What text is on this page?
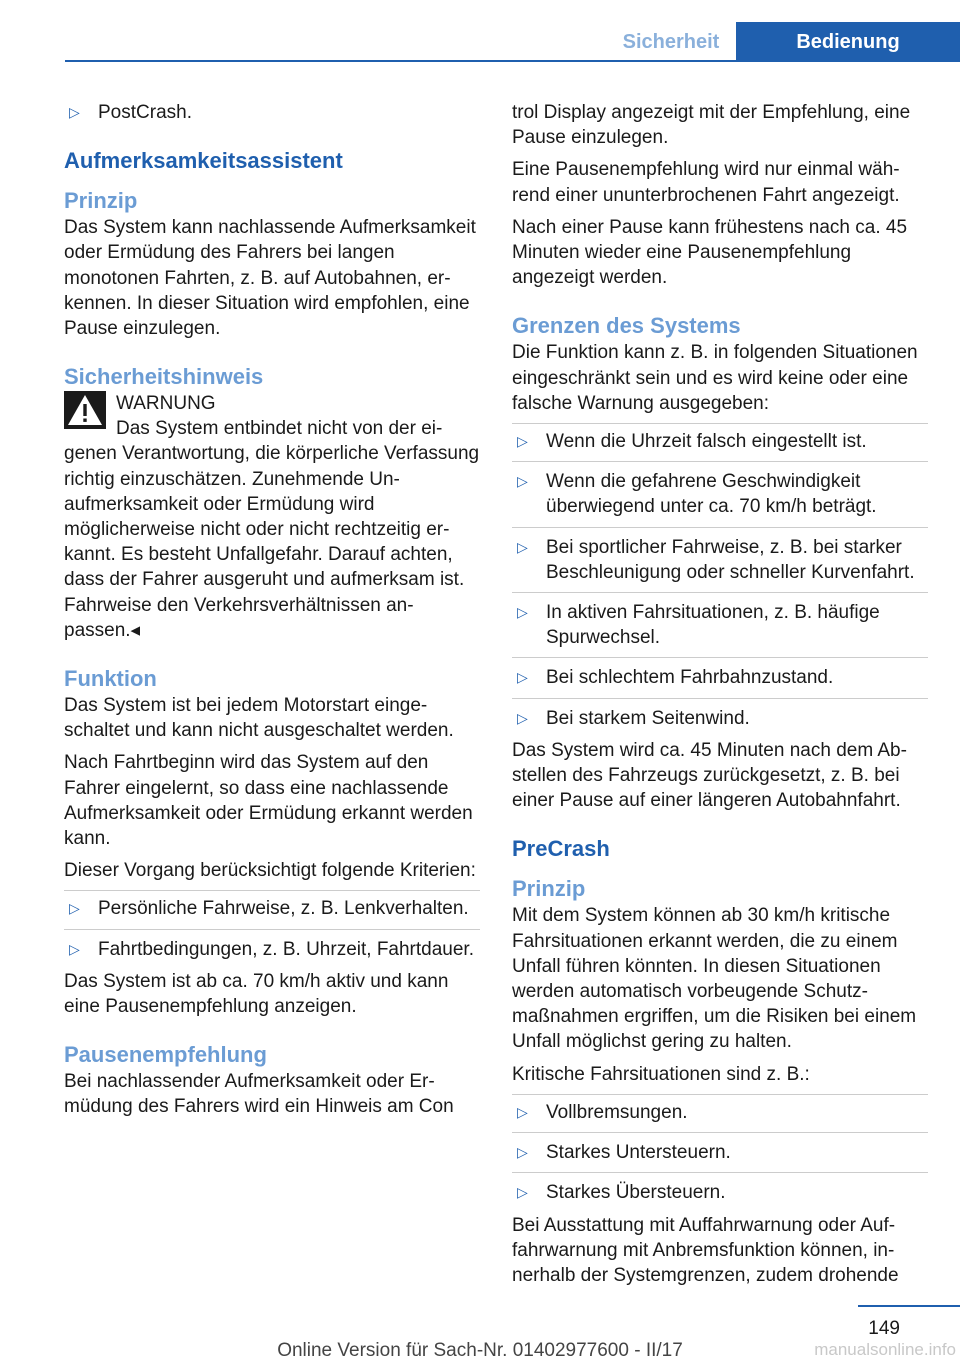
Sicherheit	Bedienung
▷ PostCrash.
Aufmerksamkeitsassistent
Prinzip

Das System kann nachlassende Aufmerksamkeit oder Ermüdung des Fahrers bei langen monotonen Fahrten, z. B. auf Autobahnen, erkennen. In dieser Situation wird empfohlen, eine Pause einzulegen.

Sicherheitshinweis
WARNUNG

Das System entbindet nicht von der eigenen Verantwortung, die körperliche Verfassung richtig einzuschätzen. Zunehmende Unaufmerksamkeit oder Ermüdung wird möglicherweise nicht oder nicht rechtzeitig erkannt. Es besteht Unfallgefahr. Darauf achten, dass der Fahrer ausgeruht und aufmerksam ist. Fahrweise den Verkehrsverhältnissen anpassen.◂

Funktion

Das System ist bei jedem Motorstart eingeschaltet und kann nicht ausgeschaltet werden.

Nach Fahrtbeginn wird das System auf den Fahrer eingelernt, so dass eine nachlassende Aufmerksamkeit oder Ermüdung erkannt werden kann.

Dieser Vorgang berücksichtigt folgende Kriterien:

▷ Persönliche Fahrweise, z. B. Lenkverhalten.
▷ Fahrtbedingungen, z. B. Uhrzeit, Fahrtdauer.

Das System ist ab ca. 70 km/h aktiv und kann eine Pausenempfehlung anzeigen.

Pausenempfehlung

Bei nachlassender Aufmerksamkeit oder Ermüdung des Fahrers wird ein Hinweis am Con

trol Display angezeigt mit der Empfehlung, eine Pause einzulegen.

Eine Pausenempfehlung wird nur einmal während einer ununterbrochenen Fahrt angezeigt.

Nach einer Pause kann frühestens nach ca. 45 Minuten wieder eine Pausenempfehlung angezeigt werden.

Grenzen des Systems

Die Funktion kann z. B. in folgenden Situationen eingeschränkt sein und es wird keine oder eine falsche Warnung ausgegeben:

▷ Wenn die Uhrzeit falsch eingestellt ist.
▷ Wenn die gefahrene Geschwindigkeit überwiegend unter ca. 70 km/h beträgt.
▷ Bei sportlicher Fahrweise, z. B. bei starker Beschleunigung oder schneller Kurvenfahrt.
▷ In aktiven Fahrsituationen, z. B. häufige Spurwechsel.
▷ Bei schlechtem Fahrbahnzustand.
▷ Bei starkem Seitenwind.

Das System wird ca. 45 Minuten nach dem Abstellen des Fahrzeugs zurückgesetzt, z. B. bei einer Pause auf einer längeren Autobahnfahrt.

PreCrash
Prinzip

Mit dem System können ab 30 km/h kritische Fahrsituationen erkannt werden, die zu einem Unfall führen könnten. In diesen Situationen werden automatisch vorbeugende Schutzmaßnahmen ergriffen, um die Risiken bei einem Unfall möglichst gering zu halten.

Kritische Fahrsituationen sind z. B.:

▷ Vollbremsungen.
▷ Starkes Untersteuern.
▷ Starkes Übersteuern.

Bei Ausstattung mit Auffahrwarnung oder Auffahrwarnung mit Anbremsfunktion können, innerhalb der Systemgrenzen, zudem drohende

149
Online Version für Sach-Nr. 01402977600 - II/17	manualsonline.info
